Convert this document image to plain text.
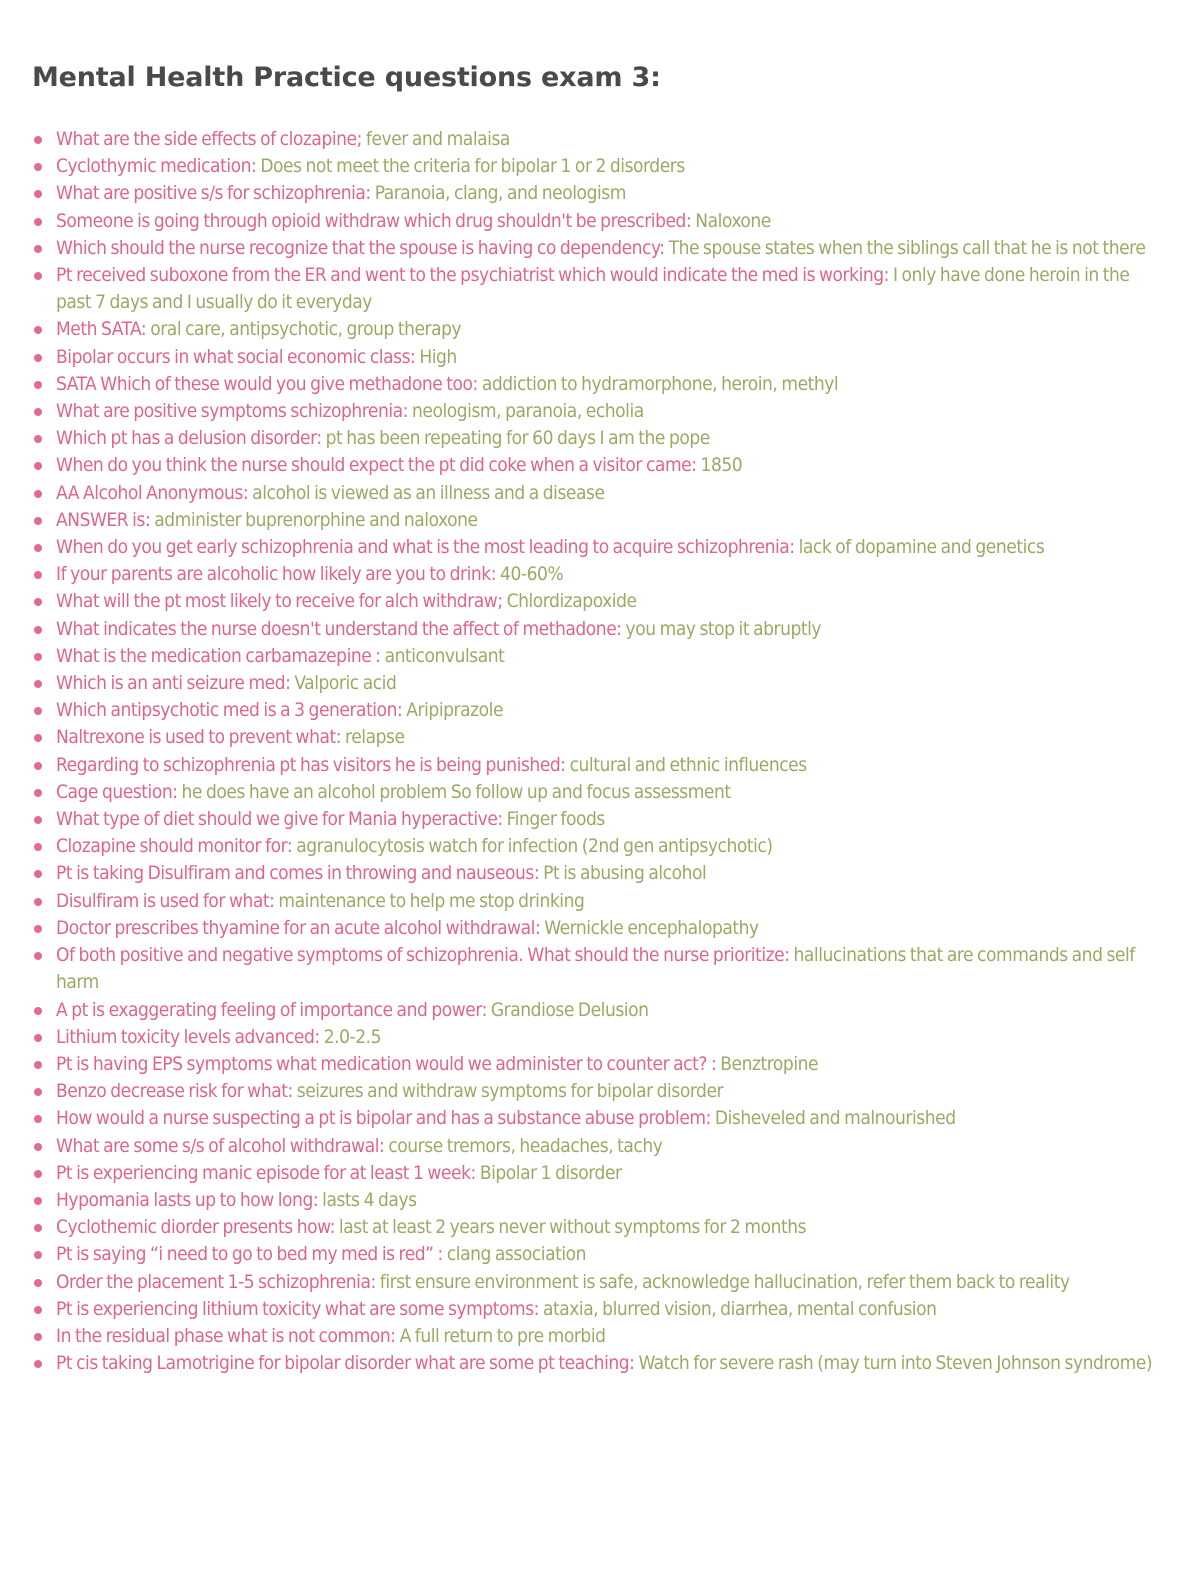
Mental Health Practice questions exam 3:
What are the side effects of clozapine; fever and malaisa
Cyclothymic medication: Does not meet the criteria for bipolar 1 or 2 disorders
What are positive s/s for schizophrenia: Paranoia, clang, and neologism
Someone is going through opioid withdraw which drug shouldn't be prescribed: Naloxone
Which should the nurse recognize that the spouse is having co dependency: The spouse states when the siblings call that he is not there
Pt received suboxone from the ER and went to the psychiatrist which would indicate the med is working: I only have done heroin in the past 7 days and I usually do it everyday
Meth SATA: oral care, antipsychotic, group therapy
Bipolar occurs in what social economic class: High
SATA Which of these would you give methadone too: addiction to hydramorphone, heroin, methyl
What are positive symptoms schizophrenia: neologism, paranoia, echolia
Which pt has a delusion disorder: pt has been repeating for 60 days I am the pope
When do you think the nurse should expect the pt did coke when a visitor came: 1850
AA Alcohol Anonymous: alcohol is viewed as an illness and a disease
ANSWER is: administer buprenorphine and naloxone
When do you get early schizophrenia and what is the most leading to acquire schizophrenia: lack of dopamine and genetics
If your parents are alcoholic how likely are you to drink: 40-60%
What will the pt most likely to receive for alch withdraw; Chlordizapoxide
What indicates the nurse doesn't understand the affect of methadone: you may stop it abruptly
What is the medication carbamazepine : anticonvulsant
Which is an anti seizure med: Valporic acid
Which antipsychotic med is a 3 generation: Aripiprazole
Naltrexone is used to prevent what: relapse
Regarding to schizophrenia pt has visitors he is being punished: cultural and ethnic influences
Cage question: he does have an alcohol problem So follow up and focus assessment
What type of diet should we give for Mania hyperactive: Finger foods
Clozapine should monitor for: agranulocytosis watch for infection (2nd gen antipsychotic)
Pt is taking Disulfiram and comes in throwing and nauseous: Pt is abusing alcohol
Disulfiram is used for what: maintenance to help me stop drinking
Doctor prescribes thyamine for an acute alcohol withdrawal: Wernickle encephalopathy
Of both positive and negative symptoms of schizophrenia. What should the nurse prioritize: hallucinations that are commands and self harm
A pt is exaggerating feeling of importance and power: Grandiose Delusion
Lithium toxicity levels advanced: 2.0-2.5
Pt is having EPS symptoms what medication would we administer to counter act? : Benztropine
Benzo decrease risk for what: seizures and withdraw symptoms for bipolar disorder
How would a nurse suspecting a pt is bipolar and has a substance abuse problem: Disheveled and malnourished
What are some s/s of alcohol withdrawal: course tremors, headaches, tachy
Pt is experiencing manic episode for at least 1 week: Bipolar 1 disorder
Hypomania lasts up to how long: lasts 4 days
Cyclothemic diorder presents how: last at least 2 years never without symptoms for 2 months
Pt is saying “i need to go to bed my med is red” : clang association
Order the placement 1-5 schizophrenia: first ensure environment is safe, acknowledge hallucination, refer them back to reality
Pt is experiencing lithium toxicity what are some symptoms: ataxia, blurred vision, diarrhea, mental confusion
In the residual phase what is not common: A full return to pre morbid
Pt cis taking Lamotrigine for bipolar disorder what are some pt teaching: Watch for severe rash (may turn into Steven Johnson syndrome)
